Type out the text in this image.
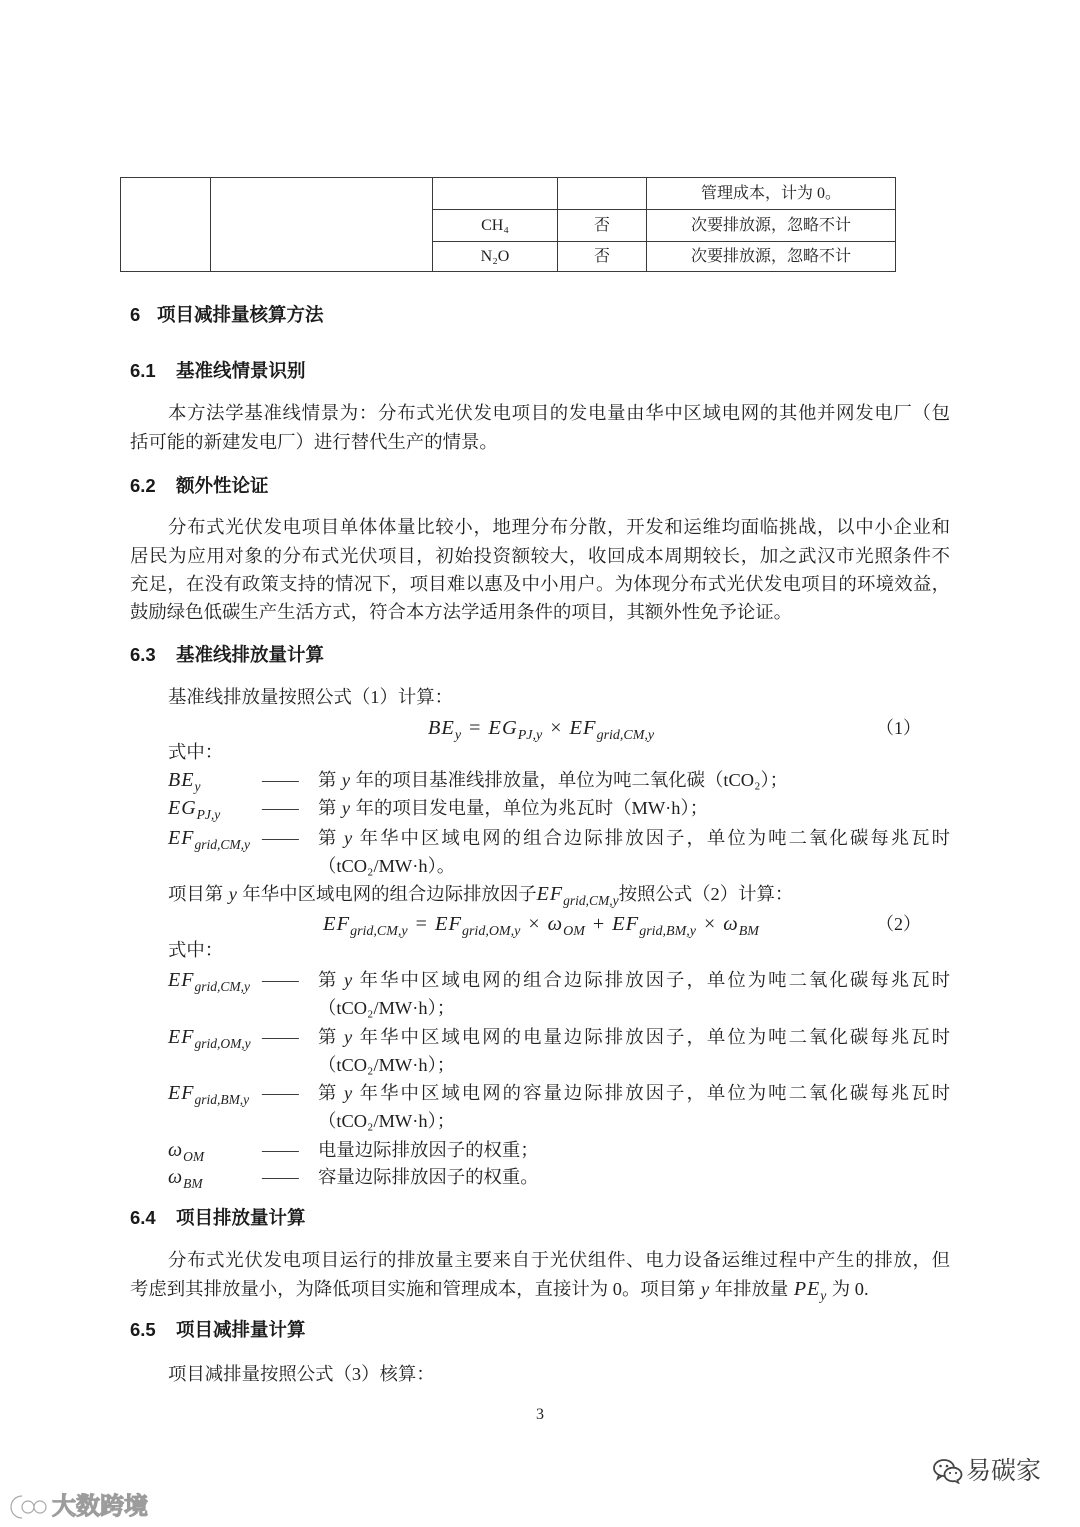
				管理成本，计为 0。
		CH₄	否	次要排放源，忽略不计
		N₂O	否	次要排放源，忽略不计
6 项目减排量核算方法
6.1 基准线情景识别
本方法学基准线情景为：分布式光伏发电项目的发电量由华中区域电网的其他并网发电厂（包
括可能的新建发电厂）进行替代生产的情景。
6.2 额外性论证
分布式光伏发电项目单体体量比较小，地理分布分散，开发和运维均面临挑战，以中小企业和
居民为应用对象的分布式光伏项目，初始投资额较大，收回成本周期较长，加之武汉市光照条件不
充足，在没有政策支持的情况下，项目难以惠及中小用户。为体现分布式光伏发电项目的环境效益，
鼓励绿色低碳生产生活方式，符合本方法学适用条件的项目，其额外性免予论证。
6.3 基准线排放量计算
基准线排放量按照公式（1）计算：
BEy = EGPJ,y × EFgrid,CM,y	（1）
式中：
$BE_y$	—— 第 y 年的项目基准线排放量，单位为吨二氧化碳（tCO₂）；
$EG_{PJ,y}$ —— 第 y 年的项目发电量，单位为兆瓦时（MW·h）；
$EF_{grid,CM,y}$ —— 第 y 年华中区域电网的组合边际排放因子，单位为吨二氧化碳每兆瓦时
（tCO₂/MW·h）。
项目第 y 年华中区域电网的组合边际排放因子$EF_{grid,CM,y}$按照公式（2）计算：
EFgrid,CM,y = EFgrid,OM,y × ωOM + EFgrid,BM,y × ωBM	（2）
式中：
$EF_{grid,CM,y}$ —— 第 y 年华中区域电网的组合边际排放因子，单位为吨二氧化碳每兆瓦时
（tCO₂/MW·h）；
$EF_{grid,OM,y}$ —— 第 y 年华中区域电网的电量边际排放因子，单位为吨二氧化碳每兆瓦时
（tCO₂/MW·h）；
$EF_{grid,BM,y}$ —— 第 y 年华中区域电网的容量边际排放因子，单位为吨二氧化碳每兆瓦时
（tCO₂/MW·h）；
$\omega_{OM}$	—— 电量边际排放因子的权重；
$\omega_{BM}$	—— 容量边际排放因子的权重。
6.4 项目排放量计算
分布式光伏发电项目运行的排放量主要来自于光伏组件、电力设备运维过程中产生的排放，但
考虑到其排放量小，为降低项目实施和管理成本，直接计为 0。项目第 y 年排放量 $PE_y$ 为 0.
6.5 项目减排量计算
项目减排量按照公式（3）核算：
3
大数跨境
易碳家
